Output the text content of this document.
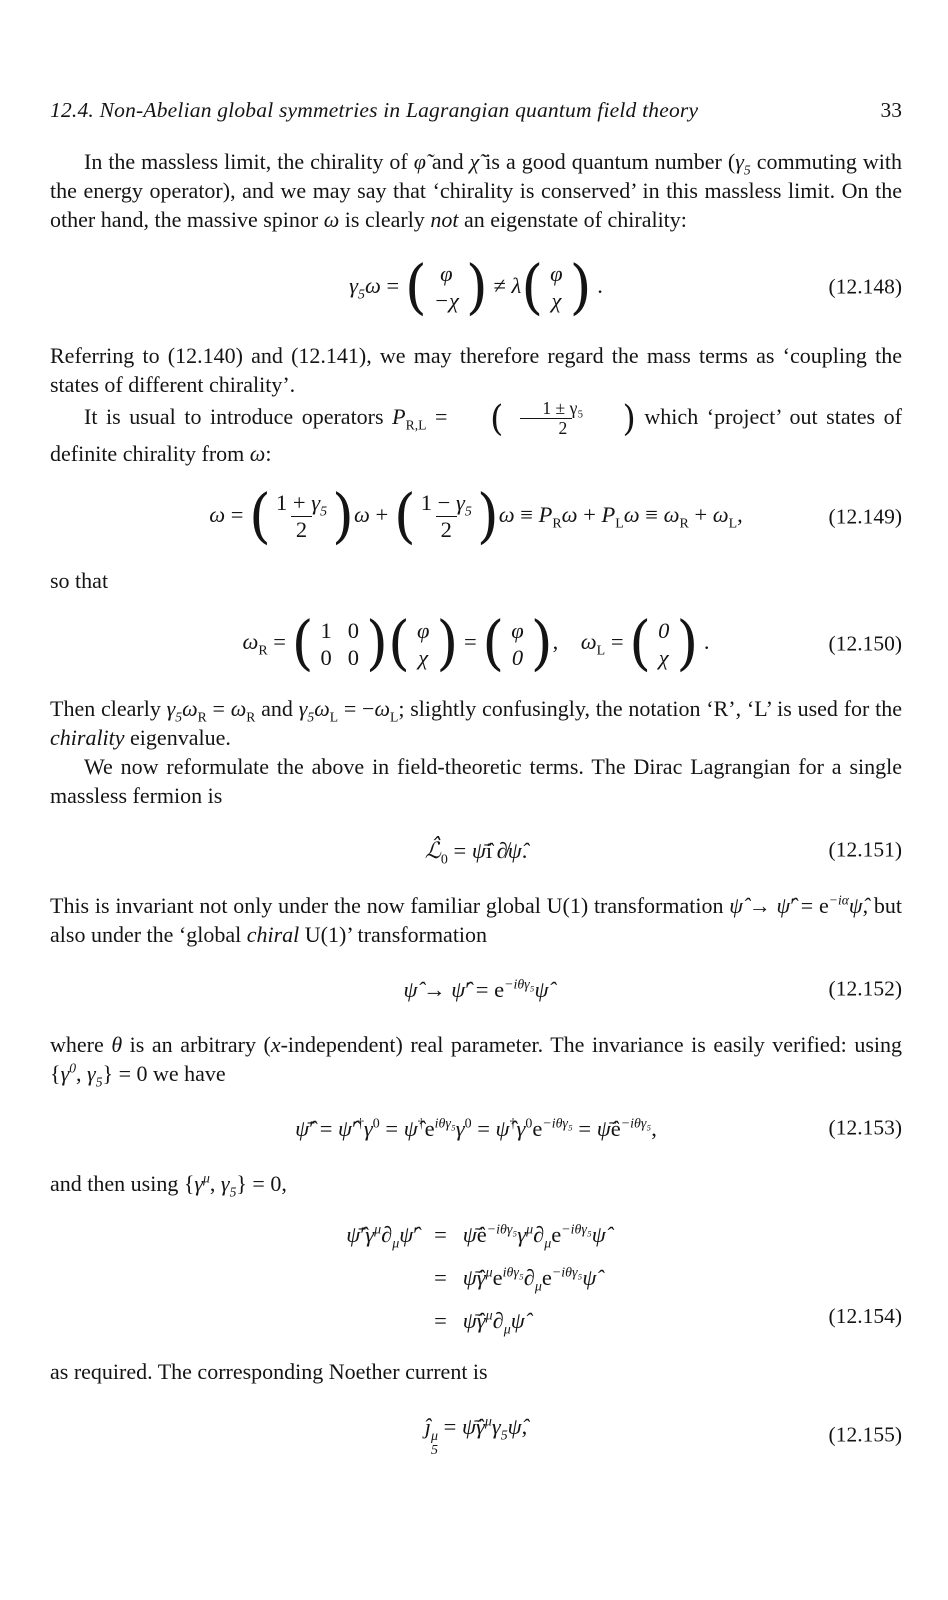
12.4. Non-Abelian global symmetries in Lagrangian quantum field theory	33

In the massless limit, the chirality of φ̃ and χ̃ is a good quantum number ($\gamma_5$ commuting with the energy operator), and we may say that ‘chirality is conserved’ in this massless limit. On the other hand, the massive spinor ω is clearly not an eigenstate of chirality:

$\gamma_5\omega$ = ( φ
−χ ) ≠ λ ( φ
χ ) .	(12.148)

Referring to (12.140) and (12.141), we may therefore regard the mass terms as ‘coupling the states of different chirality’.

It is usual to introduce operators $P_{R,L}$ = ( $\frac{\text{1 ± γ₅}}{2}$ ) which ‘project’ out states of definite chirality from ω:

ω = ( $\frac{1 + \gamma_5}{2}$ ) ω + ( $\frac{1 - \gamma_5}{2}$ ) $\omega \equiv P_R\omega + P_L\omega \equiv \omega_R + \omega_L$,	(12.149)

so that

$\omega_R$ = ( 1 0
0 0 ) ( φ
χ ) = ( φ
0 ) ,  $\omega_L$ = ( 0
χ ) .	(12.150)

Then clearly $\gamma_5\omega_R = \omega_R$ and $\gamma_5\omega_L = -\omega_L$; slightly confusingly, the notation ‘R’, ‘L’ is used for the chirality eigenvalue.

We now reformulate the above in field-theoretic terms. The Dirac Lagrangian for a single massless fermion is

$ℒ̂_0$ = ψ̂̄i ∂̸ψ̂.	(12.151)

This is invariant not only under the now familiar global U(1) transformation ψ̂ → ψ̂′ = $e^{-i\alpha}\psî$, but also under the ‘global chiral U(1)’ transformation

ψ̂ → ψ̂′ = $e^{-i\theta\gamma_5}\psî$	(12.152)

where θ is an arbitrary (x-independent) real parameter. The invariance is easily verified: using {$\gamma^0$, $\gamma_5\} = 0$ we have

ψ̂̄′ = $\psî'^\dagger\gamma^0$ = $\psî^\dagger e^{i\theta\gamma_5}\gamma^0$ = $\psî^\dagger\gamma^0e^{-i\theta\gamma_5}$ = $\psî̄e^{-i\theta\gamma_5}$,	(12.153)

and then using {$\gamma^\mu$, $\gamma_5\} = 0$,

$\psî̄'\gamma^\mu\partial_\mu\psî'$ = $\psî̄e^{-i\theta\gamma_5}\gamma^\mu\partial_\mu e^{-i\theta\gamma_5}\psî$
= $\psî̄\gamma^\mu e^{i\theta\gamma_5}\partial_\mu e^{-i\theta\gamma_5}\psî$
= $\psî̄\gamma^\mu\partial_\mu\psî$	(12.154)

as required. The corresponding Noether current is

ĵ μ
5
= $\psî̄\gamma^\mu\gamma_5\psî$,	(12.155)
